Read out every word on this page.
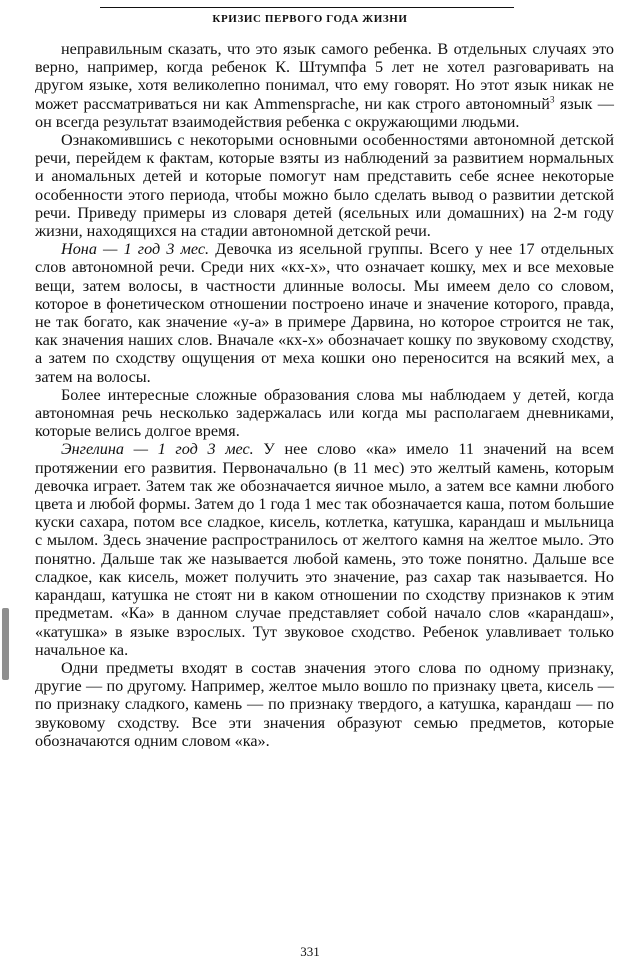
КРИЗИС ПЕРВОГО ГОДА ЖИЗНИ

неправильным сказать, что это язык самого ребенка. В отдельных случаях это верно, например, когда ребенок К. Штумпфа 5 лет не хотел разговаривать на другом языке, хотя великолепно понимал, что ему говорят. Но этот язык никак не может рассматриваться ни как Ammensprache, ни как строго автономный$^3$ язык — он всегда результат взаимодействия ребенка с окружающими людьми.

Ознакомившись с некоторыми основными особенностями автономной детской речи, перейдем к фактам, которые взяты из наблюдений за развитием нормальных и аномальных детей и которые помогут нам представить себе яснее некоторые особенности этого периода, чтобы можно было сделать вывод о развитии детской речи. Приведу примеры из словаря детей (ясельных или домашних) на 2-м году жизни, находящихся на стадии автономной детской речи.

Нона — 1 год 3 мес. Девочка из ясельной группы. Всего у нее 17 отдельных слов автономной речи. Среди них «кх-х», что означает кошку, мех и все меховые вещи, затем волосы, в частности длинные волосы. Мы имеем дело со словом, которое в фонетическом отношении построено иначе и значение которого, правда, не так богато, как значение «у-а» в примере Дарвина, но которое строится не так, как значения наших слов. Вначале «кх-х» обозначает кошку по звуковому сходству, а затем по сходству ощущения от меха кошки оно переносится на всякий мех, а затем на волосы.

Более интересные сложные образования слова мы наблюдаем у детей, когда автономная речь несколько задержалась или когда мы располагаем дневниками, которые велись долгое время.

Энгелина — 1 год 3 мес. У нее слово «ка» имело 11 значений на всем протяжении его развития. Первоначально (в 11 мес) это желтый камень, которым девочка играет. Затем так же обозначается яичное мыло, а затем все камни любого цвета и любой формы. Затем до 1 года 1 мес так обозначается каша, потом большие куски сахара, потом все сладкое, кисель, котлетка, катушка, карандаш и мыльница с мылом. Здесь значение распространилось от желтого камня на желтое мыло. Это понятно. Дальше так же называется любой камень, это тоже понятно. Дальше все сладкое, как кисель, может получить это значение, раз сахар так называется. Но карандаш, катушка не стоят ни в каком отношении по сходству признаков к этим предметам. «Ка» в данном случае представляет собой начало слов «карандаш», «катушка» в языке взрослых. Тут звуковое сходство. Ребенок улавливает только начальное ка.

Одни предметы входят в состав значения этого слова по одному признаку, другие — по другому. Например, желтое мыло вошло по признаку цвета, кисель — по признаку сладкого, камень — по признаку твердого, а катушка, карандаш — по звуковому сходству. Все эти значения образуют семью предметов, которые обозначаются одним словом «ка».

331
